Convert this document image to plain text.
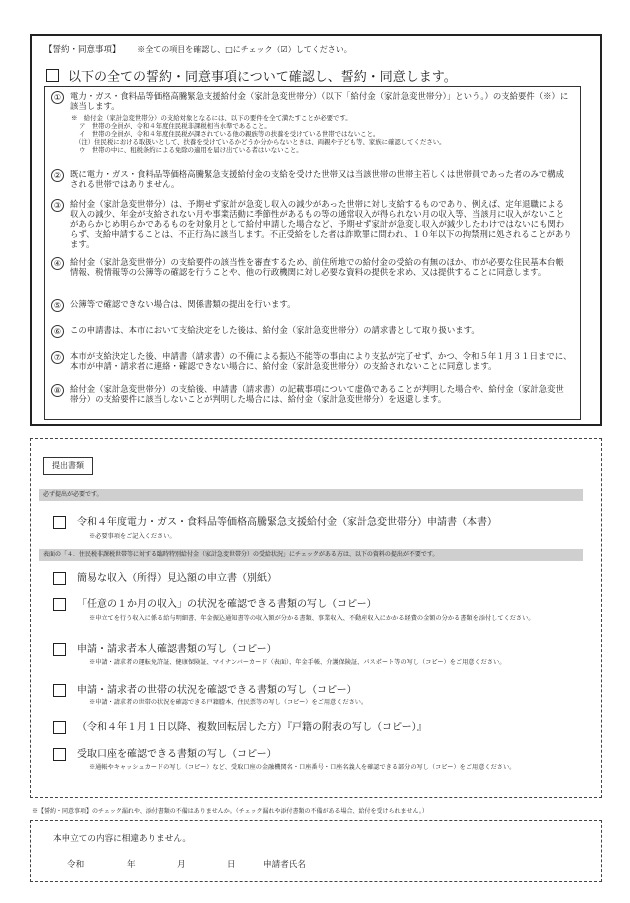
【誓約・同意事項】 ※全ての項目を確認し、□にチェック（☑）してください。
以下の全ての誓約・同意事項について確認し、誓約・同意します。
①	電力・ガス・食料品等価格高騰緊急支援給付金（家計急変世帯分）（以下「給付金（家計急変世帯分）」という。）の支給要件（※）に該当します。
※　給付金（家計急変世帯分）の支給対象となるには、以下の要件を全て満たすことが必要です。
ア　世帯の全員が、令和４年度住民税非課税相当水準であること。
イ　世帯の全員が、令和４年度住民税が課されている他の親族等の扶養を受けている世帯ではないこと。
（注）住民税における取扱いとして、扶養を受けているかどうか分からないときは、両親や子ども等、家族に確認してください。
ウ　世帯の中に、租税条約による免除の適用を届け出ている者はいないこと。
②	既に電力・ガス・食料品等価格高騰緊急支援給付金の支給を受けた世帯又は当該世帯の世帯主若しくは世帯員であった者のみで構成される世帯ではありません。
③	給付金（家計急変世帯分）は、予期せず家計が急変し収入の減少があった世帯に対し支給するものであり、例えば、定年退職による収入の減少、年金が支給されない月や事業活動に季節性があるもの等の通常収入が得られない月の収入等、当該月に収入がないことがあらかじめ明らかであるものを対象月として給付申請した場合など、予期せず家計が急変し収入が減少したわけではないにも関わらず、支給申請することは、不正行為に該当します。不正受給をした者は詐欺罪に問われ、１０年以下の拘禁刑に処されることがあります。
④	給付金（家計急変世帯分）の支給要件の該当性を審査するため、前住所地での給付金の受給の有無のほか、市が必要な住民基本台帳情報、税情報等の公簿等の確認を行うことや、他の行政機関に対し必要な資料の提供を求め、又は提供することに同意します。
⑤	公簿等で確認できない場合は、関係書類の提出を行います。
⑥	この申請書は、本市において支給決定をした後は、給付金（家計急変世帯分）の請求書として取り扱います。
⑦	本市が支給決定した後、申請書（請求書）の不備による振込不能等の事由により支払が完了せず、かつ、令和５年１月３１日までに、本市が申請・請求者に連絡・確認できない場合に、給付金（家計急変世帯分）の支給されないことに同意します。
⑧	給付金（家計急変世帯分）の支給後、申請書（請求書）の記載事項について虚偽であることが判明した場合や、給付金（家計急変世帯分）の支給要件に該当しないことが判明した場合には、給付金（家計急変世帯分）を返還します。
提出書類
必ず提出が必要です。
令和４年度電力・ガス・食料品等価格高騰緊急支援給付金（家計急変世帯分）申請書（本書）
※必要事項をご記入ください。
表面の「４．住民税非課税世帯等に対する臨時特別給付金（家計急変世帯分）の受給状況」にチェックがある方は、以下の資料の提出が不要です。
簡易な収入（所得）見込額の申立書（別紙）
「任意の１か月の収入」の状況を確認できる書類の写し（コピー）
※申立てを行う収入に係る給与明細書、年金振込通知書等の収入額が分かる書類、事業収入、不動産収入にかかる経費の金額の分かる書類を添付してください。
申請・請求者本人確認書類の写し（コピー）
※申請・請求者の運転免許証、健康保険証、マイナンバーカード（表面）、年金手帳、介護保険証、パスポート等の写し（コピー）をご用意ください。
申請・請求者の世帯の状況を確認できる書類の写し（コピー）
※申請・請求者の世帯の状況を確認できる戸籍謄本、住民票等の写し（コピー）をご用意ください。
（令和４年１月１日以降、複数回転居した方）『戸籍の附表の写し（コピー）』
受取口座を確認できる書類の写し（コピー）
※通帳やキャッシュカードの写し（コピー）など、受取口座の金融機関名・口座番号・口座名義人を確認できる部分の写し（コピー）をご用意ください。
※【誓約・同意事項】のチェック漏れや、添付書類の不備はありませんか。（チェック漏れや添付書類の不備がある場合、給付を受けられません。）
本申立ての内容に相違ありません。
令和	年	月	日	申請者氏名
